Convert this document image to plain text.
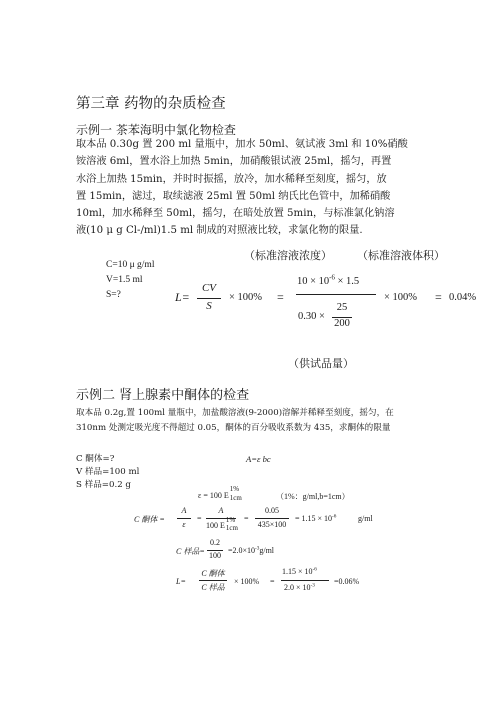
第三章 药物的杂质检查
示例一 茶苯海明中氯化物检查
取本品 0.30g 置 200 ml 量瓶中，加水 50ml、氨试液 3ml 和 10%硝酸
铵溶液 6ml，置水浴上加热 5min，加硝酸银试液 25ml，摇匀，再置
水浴上加热 15min，并时时振摇，放冷，加水稀释至刻度，摇匀，放
置 15min，滤过，取续滤液 25ml 置 50ml 纳氏比色管中，加稀硝酸
10ml，加水稀释至 50ml，摇匀，在暗处放置 5min，与标准氯化钠溶
液(10 μ g Cl-/ml)1.5 ml 制成的对照液比较，求氯化物的限量.
（标准溶液浓度） （标准溶液体积）
C=10 μ g/ml
V=1.5 ml
S=?	L=
CV
S
× 100% =
$10 \times 10^{-6} \times 1.5$
0.30 ×
25
200
× 100% = 0.04%
（供试品量）
示例二 肾上腺素中酮体的检查
取本品 0.2g,置 100ml 量瓶中，加盐酸溶液(9-2000)溶解并稀释至刻度，摇匀，在
310nm 处测定吸光度不得超过 0.05，酮体的百分吸收系数为 435，求酮体的限量
C 酮体=?	A=ε bc
V 样品=100 ml
S 样品=0.2 g
ε = 100 E
1%
1cm	（1%：g/ml,b=1cm）
C 酮体 =
A
ε
=
A
100 E
1%
1cm
=
0.05
435×100
= $1.15 \times 10^{-6}$	g/ml
C 样品=
0.2
100
$=2.0\times 10^{-3}g/ml$
L=
C 酮体
C 样品
× 100% =
$1.15 \times 10^{-6}$
$2.0 \times 10^{-3} =0.06\%$
